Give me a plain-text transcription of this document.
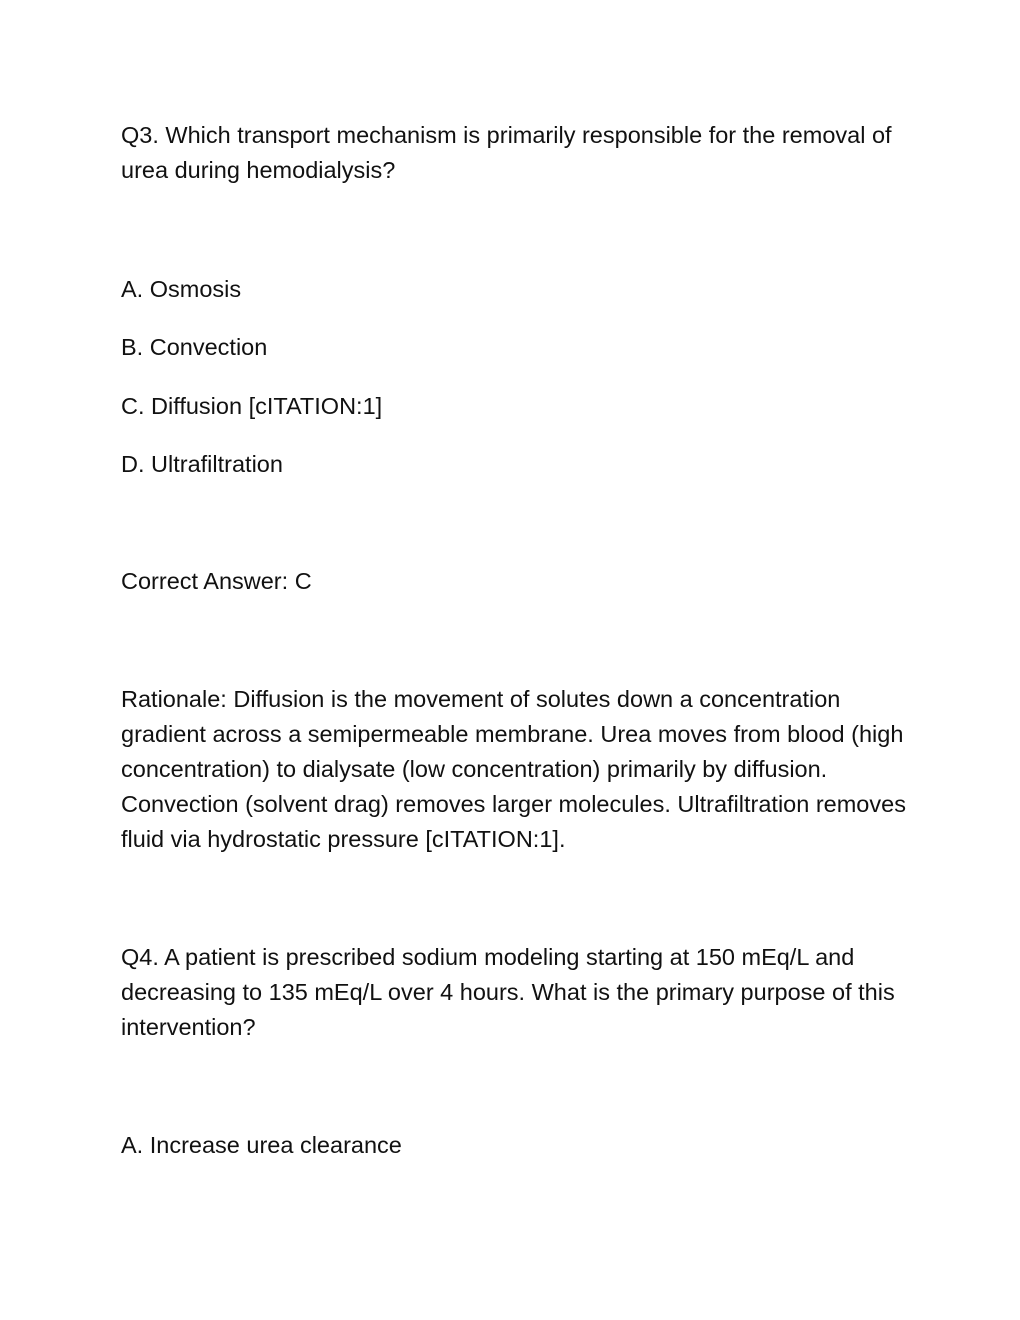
Q3. Which transport mechanism is primarily responsible for the removal of urea during hemodialysis?

A. Osmosis

B. Convection

C. Diffusion [cITATION:1]

D. Ultrafiltration

Correct Answer: C

Rationale: Diffusion is the movement of solutes down a concentration gradient across a semipermeable membrane. Urea moves from blood (high concentration) to dialysate (low concentration) primarily by diffusion. Convection (solvent drag) removes larger molecules. Ultrafiltration removes fluid via hydrostatic pressure [cITATION:1].

Q4. A patient is prescribed sodium modeling starting at 150 mEq/L and decreasing to 135 mEq/L over 4 hours. What is the primary purpose of this intervention?

A. Increase urea clearance
